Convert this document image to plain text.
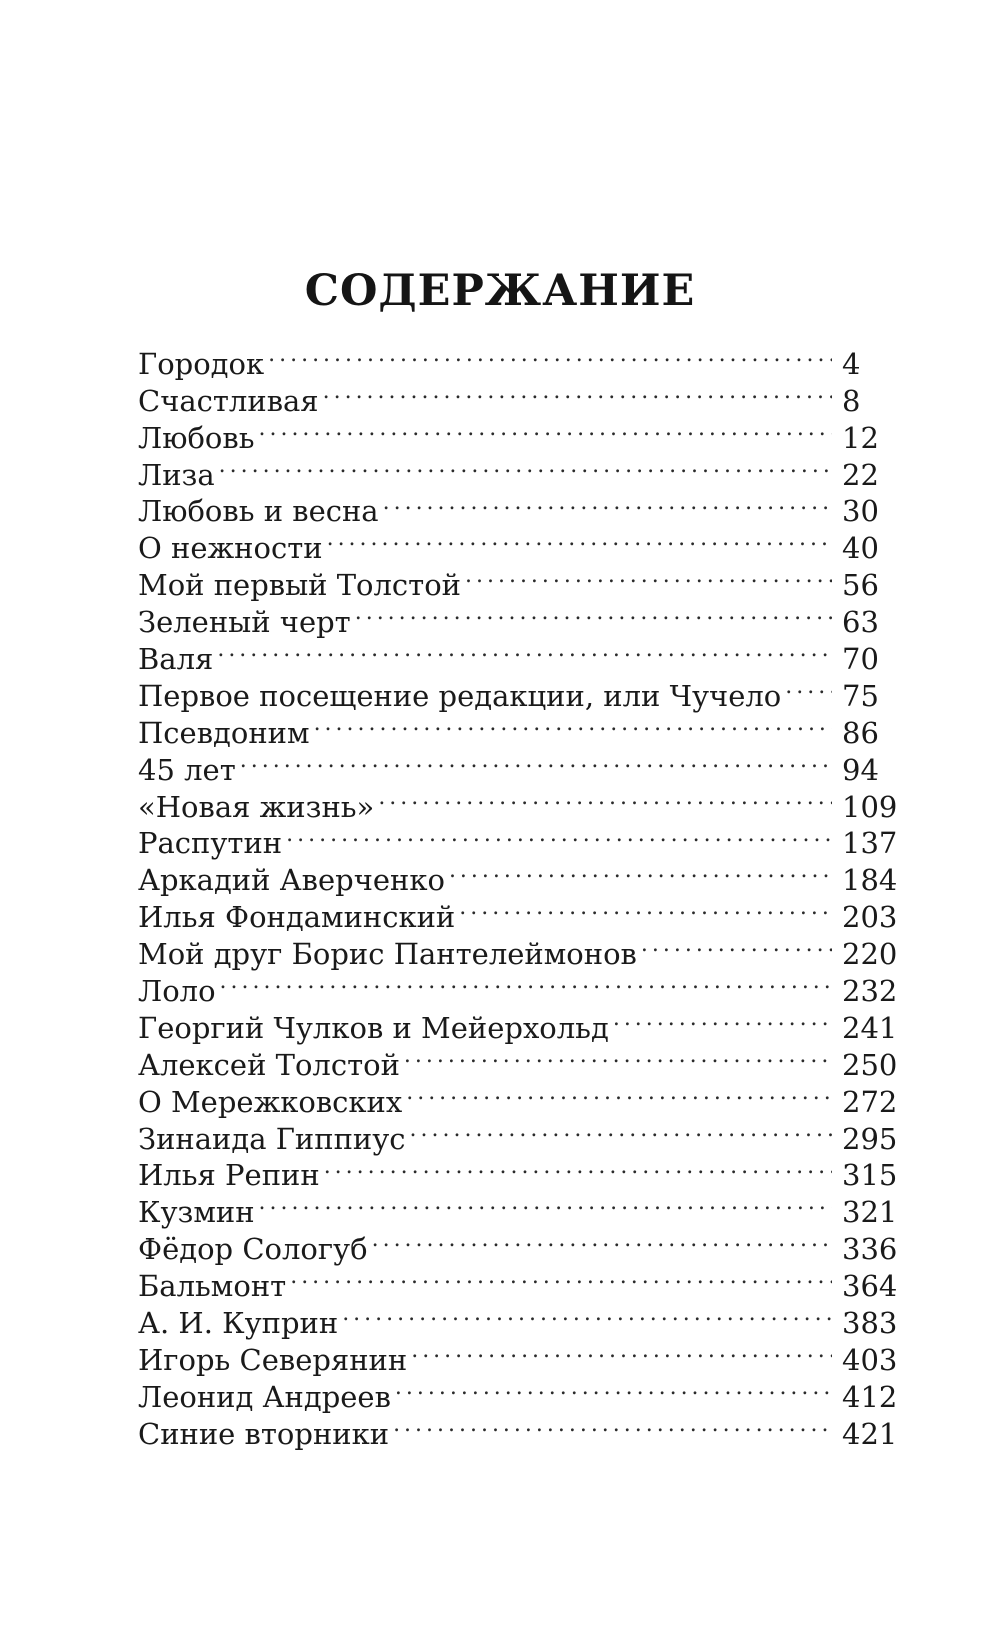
СОДЕРЖАНИЕ
Городок . . .	4
Счастливая . . .	8
Любовь . . .	12
Лиза . . .	22
Любовь и весна . . .	30
О нежности . . .	40
Мой первый Толстой . . .	56
Зеленый черт . . .	63
Валя . . .	70
Первое посещение редакции, или Чучело . . .	75
Псевдоним . . .	86
45 лет . . .	94
«Новая жизнь» . . .	109
Распутин . . .	137
Аркадий Аверченко . . .	184
Илья Фондаминский . . .	203
Мой друг Борис Пантелеймонов . . .	220
Лоло . . .	232
Георгий Чулков и Мейерхольд . . .	241
Алексей Толстой . . .	250
О Мережковских . . .	272
Зинаида Гиппиус . . .	295
Илья Репин . . .	315
Кузмин . . .	321
Фёдор Сологуб . . .	336
Бальмонт . . .	364
А. И. Куприн . . .	383
Игорь Северянин . . .	403
Леонид Андреев . . .	412
Синие вторники . . .	421
